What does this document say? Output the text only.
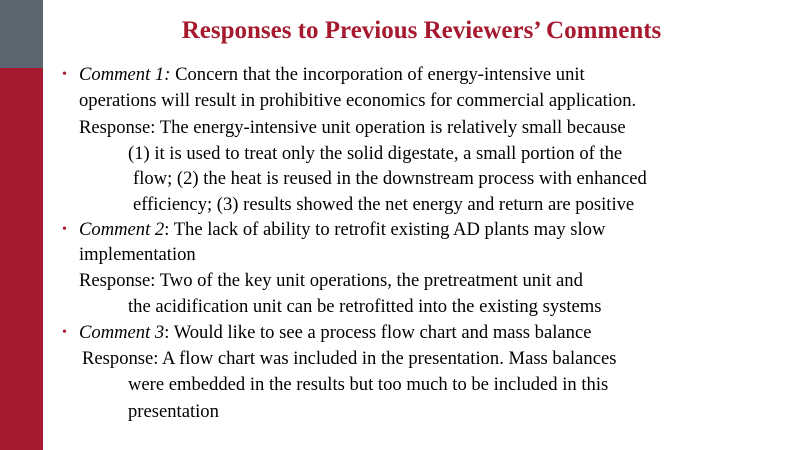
Responses to Previous Reviewers’ Comments
• Comment 1: Concern that the incorporation of energy-intensive unit
operations will result in prohibitive economics for commercial application.
Response: The energy-intensive unit operation is relatively small because
(1) it is used to treat only the solid digestate, a small portion of the
flow; (2) the heat is reused in the downstream process with enhanced
efficiency; (3) results showed the net energy and return are positive
• Comment 2: The lack of ability to retrofit existing AD plants may slow
implementation
Response: Two of the key unit operations, the pretreatment unit and
the acidification unit can be retrofitted into the existing systems
• Comment 3: Would like to see a process flow chart and mass balance
Response: A flow chart was included in the presentation. Mass balances
were embedded in the results but too much to be included in this
presentation
